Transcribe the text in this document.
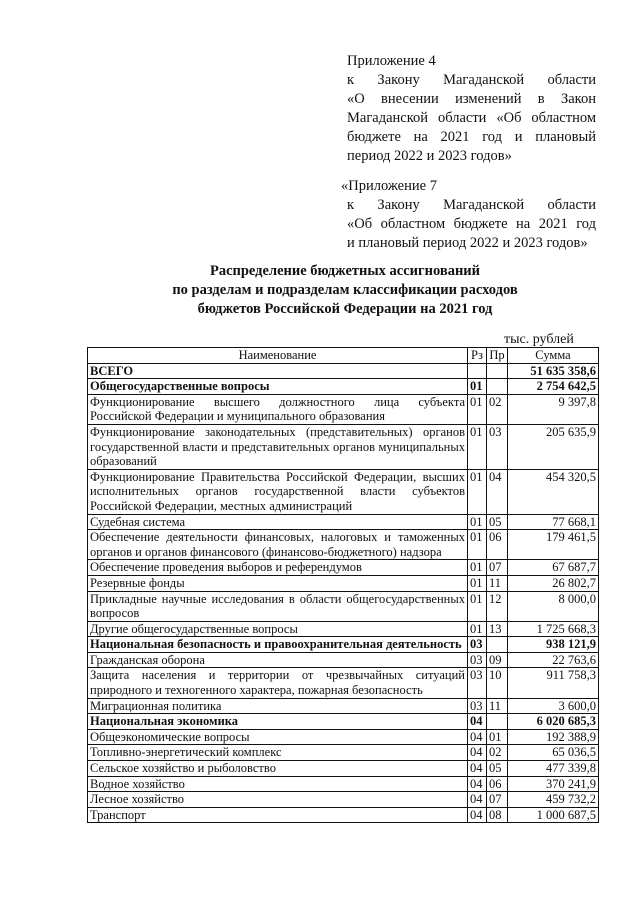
Приложение 4
к Закону Магаданской области
«О внесении изменений в Закон
Магаданской области «Об областном
бюджете на 2021 год и плановый
период 2022 и 2023 годов»
«Приложение 7
к Закону Магаданской области
«Об областном бюджете на 2021 год
и плановый период 2022 и 2023 годов»
Распределение бюджетных ассигнований
по разделам и подразделам классификации расходов
бюджетов Российской Федерации на 2021 год
тыс. рублей
Наименование	Рз	Пр	Сумма
ВСЕГО			51 635 358,6
Общегосударственные вопросы	01		2 754 642,5
Функционирование высшего должностного лица субъекта Российской Федерации и муниципального образования	01	02	9 397,8
Функционирование законодательных (представительных) органов государственной власти и представительных органов муниципальных образований	01	03	205 635,9
Функционирование Правительства Российской Федерации, высших исполнительных органов государственной власти субъектов Российской Федерации, местных администраций	01	04	454 320,5
Судебная система	01	05	77 668,1
Обеспечение деятельности финансовых, налоговых и таможенных органов и органов финансового (финансово-бюджетного) надзора	01	06	179 461,5
Обеспечение проведения выборов и референдумов	01	07	67 687,7
Резервные фонды	01	11	26 802,7
Прикладные научные исследования в области общегосударственных вопросов	01	12	8 000,0
Другие общегосударственные вопросы	01	13	1 725 668,3
Национальная безопасность и правоохранительная деятельность	03		938 121,9
Гражданская оборона	03	09	22 763,6
Защита населения и территории от чрезвычайных ситуаций природного и техногенного характера, пожарная безопасность	03	10	911 758,3
Миграционная политика	03	11	3 600,0
Национальная экономика	04		6 020 685,3
Общеэкономические вопросы	04	01	192 388,9
Топливно-энергетический комплекс	04	02	65 036,5
Сельское хозяйство и рыболовство	04	05	477 339,8
Водное хозяйство	04	06	370 241,9
Лесное хозяйство	04	07	459 732,2
Транспорт	04	08	1 000 687,5
